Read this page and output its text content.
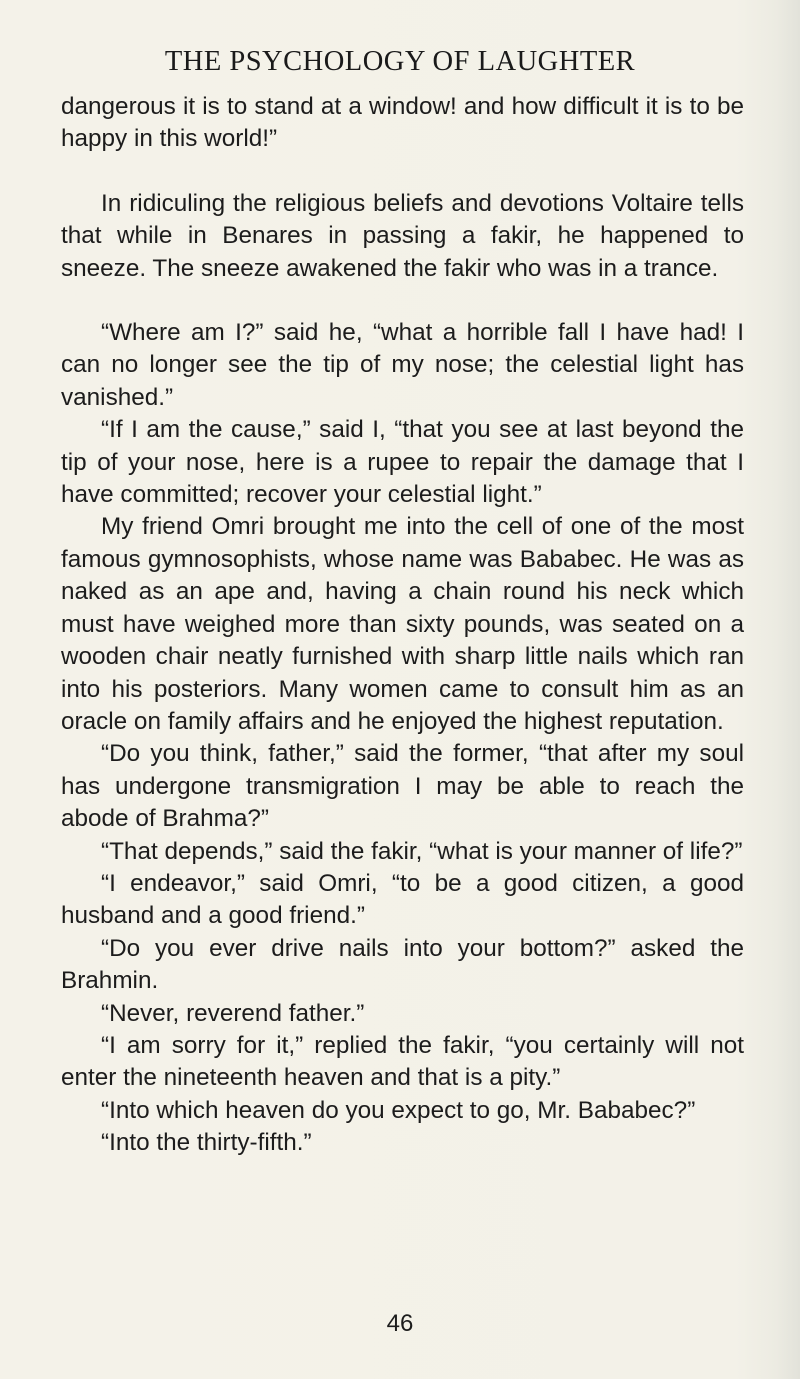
THE PSYCHOLOGY OF LAUGHTER

dangerous it is to stand at a window! and how difficult it is to be happy in this world!”

In ridiculing the religious beliefs and devotions Voltaire tells that while in Benares in passing a fakir, he happened to sneeze. The sneeze awakened the fakir who was in a trance.

“Where am I?” said he, “what a horrible fall I have had! I can no longer see the tip of my nose; the celestial light has vanished.”

“If I am the cause,” said I, “that you see at last beyond the tip of your nose, here is a rupee to repair the damage that I have committed; recover your celestial light.”

My friend Omri brought me into the cell of one of the most famous gymnosophists, whose name was Bababec. He was as naked as an ape and, having a chain round his neck which must have weighed more than sixty pounds, was seated on a wooden chair neatly furnished with sharp little nails which ran into his posteriors. Many women came to consult him as an oracle on family affairs and he enjoyed the highest reputation.

“Do you think, father,” said the former, “that after my soul has undergone transmigration I may be able to reach the abode of Brahma?”

“That depends,” said the fakir, “what is your manner of life?”

“I endeavor,” said Omri, “to be a good citizen, a good husband and a good friend.”

“Do you ever drive nails into your bottom?” asked the Brahmin.

“Never, reverend father.”

“I am sorry for it,” replied the fakir, “you certainly will not enter the nineteenth heaven and that is a pity.”

“Into which heaven do you expect to go, Mr. Bababec?”

“Into the thirty-fifth.”

46
